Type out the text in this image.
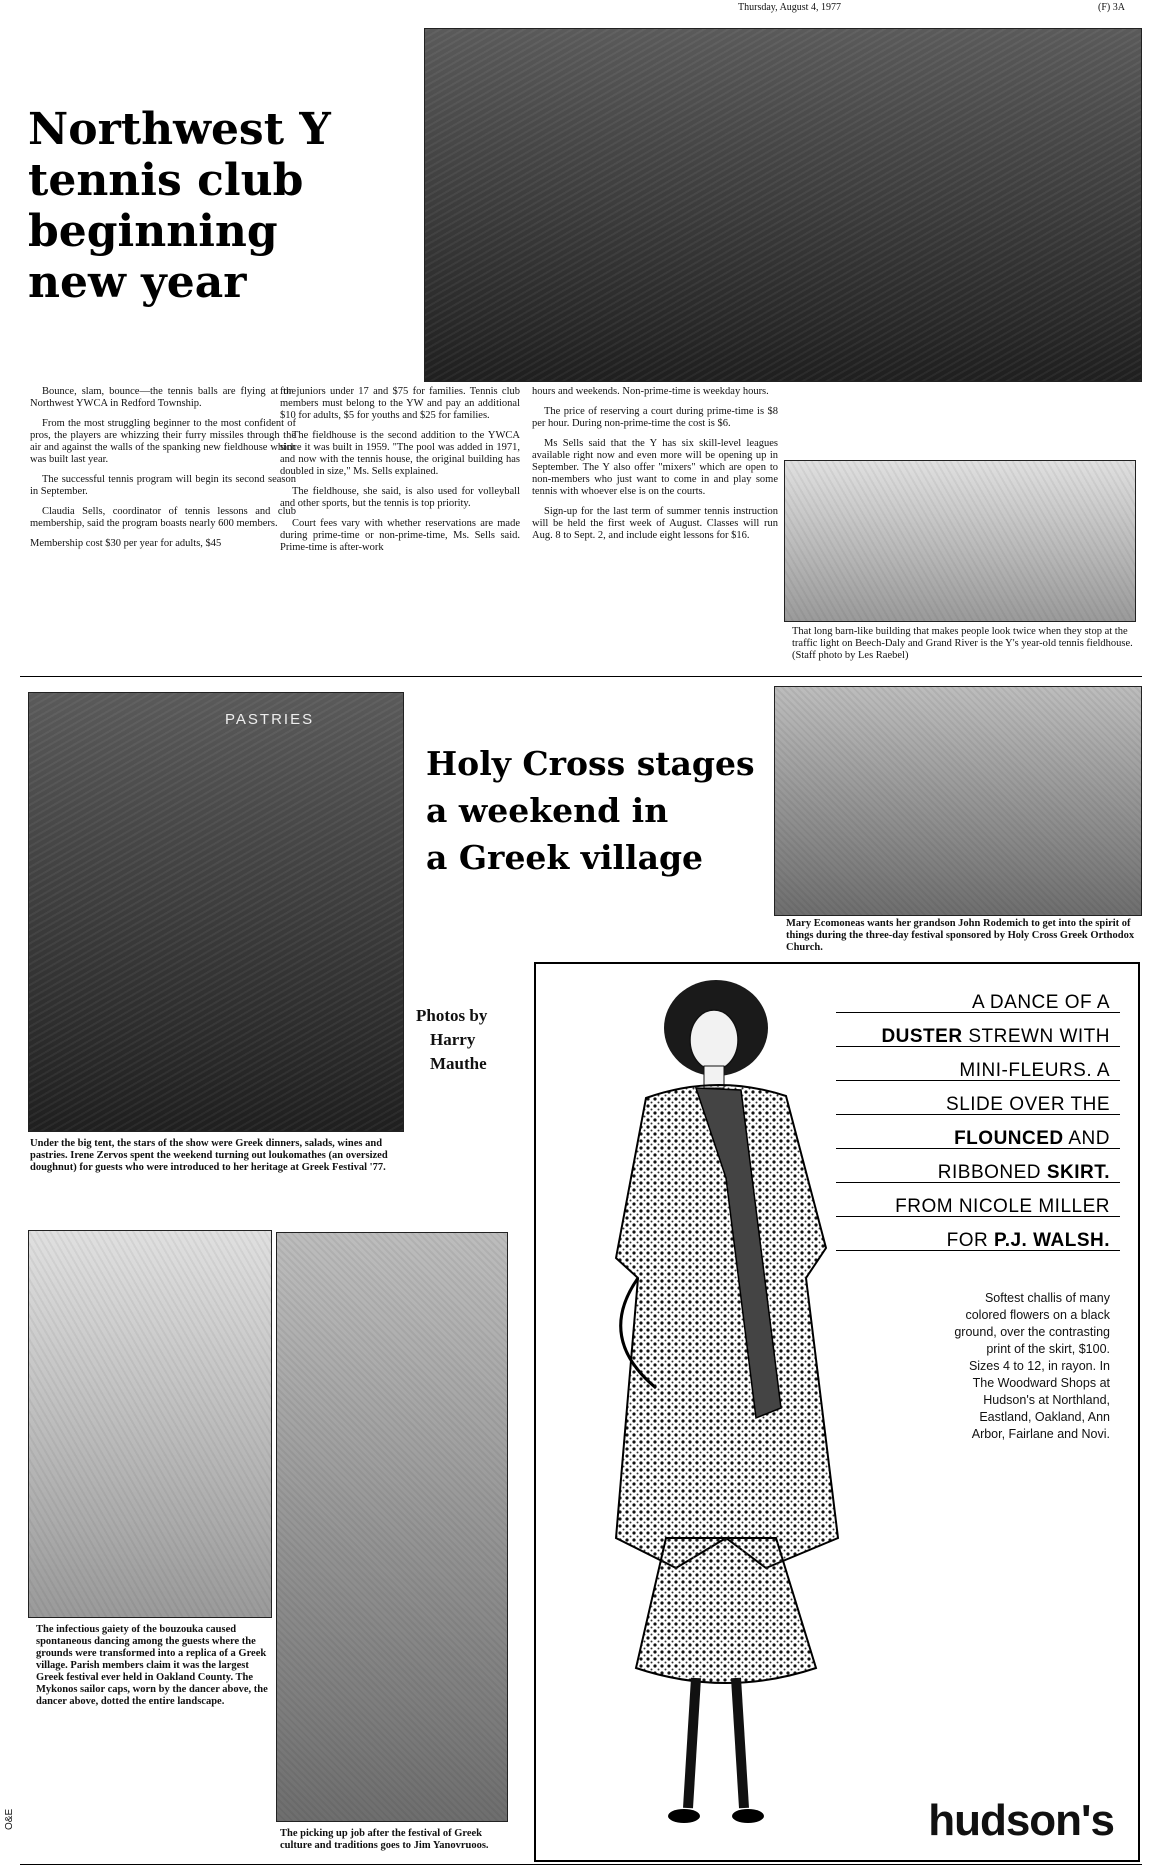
Thursday, August 4, 1977	(F) 3A
Northwest Y
tennis club
beginning
new year

Bounce, slam, bounce—the tennis balls are flying at the Northwest YWCA in Redford Township.

From the most struggling beginner to the most confident of pros, the players are whizzing their furry missiles through the air and against the walls of the spanking new fieldhouse which was built last year.

The successful tennis program will begin its second season in September.

Claudia Sells, coordinator of tennis lessons and club membership, said the program boasts nearly 600 members.

Membership cost $30 per year for adults, $45

for juniors under 17 and $75 for families. Tennis club members must belong to the YW and pay an additional $10 for adults, $5 for youths and $25 for families.

The fieldhouse is the second addition to the YWCA since it was built in 1959. "The pool was added in 1971, and now with the tennis house, the original building has doubled in size," Ms. Sells explained.

The fieldhouse, she said, is also used for volleyball and other sports, but the tennis is top priority.

Court fees vary with whether reservations are made during prime-time or non-prime-time, Ms. Sells said. Prime-time is after-work

hours and weekends. Non-prime-time is weekday hours.

The price of reserving a court during prime-time is $8 per hour. During non-prime-time the cost is $6.

Ms Sells said that the Y has six skill-level leagues available right now and even more will be opening up in September. The Y also offer "mixers" which are open to non-members who just want to come in and play some tennis with whoever else is on the courts.

Sign-up for the last term of summer tennis instruction will be held the first week of August. Classes will run Aug. 8 to Sept. 2, and include eight lessons for $16.

That long barn-like building that makes people look twice when they stop at the traffic light on Beech-Daly and Grand River is the Y's year-old tennis fieldhouse. (Staff photo by Les Raebel)
PASTRIES
Under the big tent, the stars of the show were Greek dinners, salads, wines and pastries. Irene Zervos spent the weekend turning out loukomathes (an oversized doughnut) for guests who were introduced to her heritage at Greek Festival '77.
Holy Cross stages
a weekend in
a Greek village
Photos by
Harry
Mauthe
Mary Ecomoneas wants her grandson John Rodemich to get into the spirit of things during the three-day festival sponsored by Holy Cross Greek Orthodox Church.
The infectious gaiety of the bouzouka caused spontaneous dancing among the guests where the grounds were transformed into a replica of a Greek village. Parish members claim it was the largest Greek festival ever held in Oakland County. The Mykonos sailor caps, worn by the dancer above, the dancer above, dotted the entire landscape.
The picking up job after the festival of Greek culture and traditions goes to Jim Yanovruoos.
A DANCE OF A
DUSTER STREWN WITH
MINI-FLEURS. A
SLIDE OVER THE
FLOUNCED AND
RIBBONED SKIRT.
FROM NICOLE MILLER
FOR P.J. WALSH.
Softest challis of many
colored flowers on a black
ground, over the contrasting
print of the skirt, $100.
Sizes 4 to 12, in rayon. In
The Woodward Shops at
Hudson's at Northland,
Eastland, Oakland, Ann
Arbor, Fairlane and Novi.
hudson's
O&E
